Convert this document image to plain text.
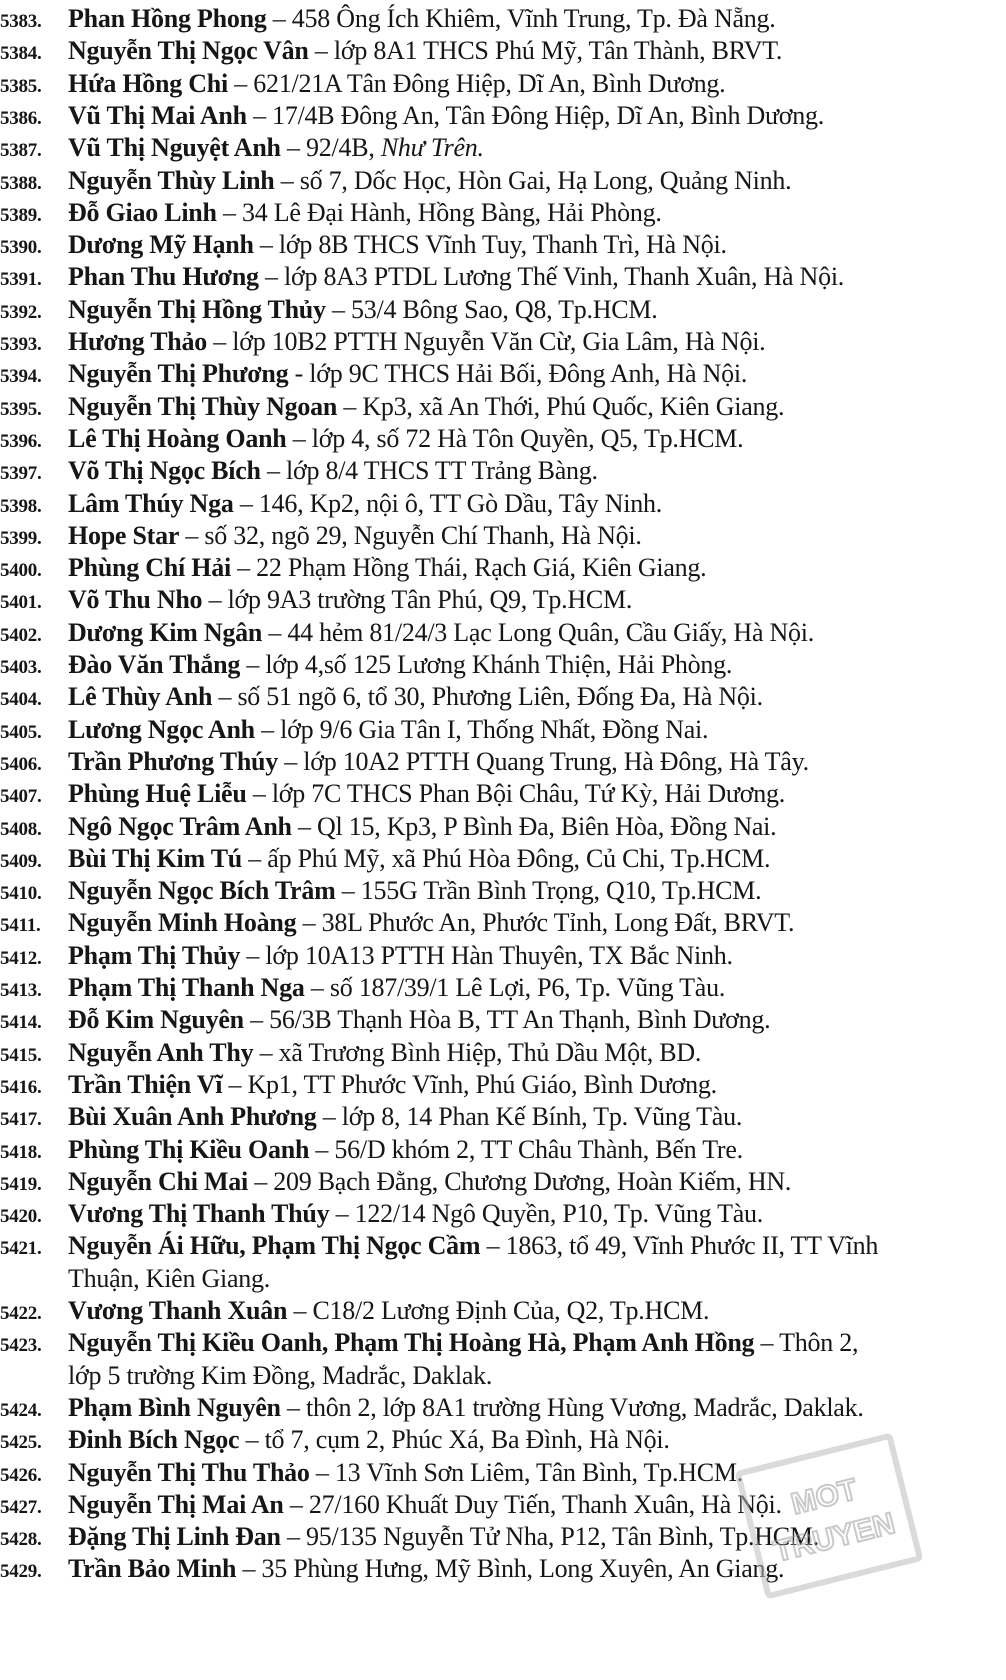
5383. Phan Hồng Phong – 458 Ông Ích Khiêm, Vĩnh Trung, Tp. Đà Nẵng.
5384. Nguyễn Thị Ngọc Vân – lớp 8A1 THCS Phú Mỹ, Tân Thành, BRVT.
5385. Hứa Hồng Chi – 621/21A Tân Đông Hiệp, Dĩ An, Bình Dương.
5386. Vũ Thị Mai Anh – 17/4B Đông An, Tân Đông Hiệp, Dĩ An, Bình Dương.
5387. Vũ Thị Nguyệt Anh – 92/4B, Như Trên.
5388. Nguyễn Thùy Linh – số 7, Dốc Học, Hòn Gai, Hạ Long, Quảng Ninh.
5389. Đỗ Giao Linh – 34 Lê Đại Hành, Hồng Bàng, Hải Phòng.
5390. Dương Mỹ Hạnh – lớp 8B THCS Vĩnh Tuy, Thanh Trì, Hà Nội.
5391. Phan Thu Hương – lớp 8A3 PTDL Lương Thế Vinh, Thanh Xuân, Hà Nội.
5392. Nguyễn Thị Hồng Thủy – 53/4 Bông Sao, Q8, Tp.HCM.
5393. Hương Thảo – lớp 10B2 PTTH Nguyễn Văn Cừ, Gia Lâm, Hà Nội.
5394. Nguyễn Thị Phương - lớp 9C THCS Hải Bối, Đông Anh, Hà Nội.
5395. Nguyễn Thị Thùy Ngoan – Kp3, xã An Thới, Phú Quốc, Kiên Giang.
5396. Lê Thị Hoàng Oanh – lớp 4, số 72 Hà Tôn Quyền, Q5, Tp.HCM.
5397. Võ Thị Ngọc Bích – lớp 8/4 THCS TT Trảng Bàng.
5398. Lâm Thúy Nga – 146, Kp2, nội ô, TT Gò Dầu, Tây Ninh.
5399. Hope Star – số 32, ngõ 29, Nguyễn Chí Thanh, Hà Nội.
5400. Phùng Chí Hải – 22 Phạm Hồng Thái, Rạch Giá, Kiên Giang.
5401. Võ Thu Nho – lớp 9A3 trường Tân Phú, Q9, Tp.HCM.
5402. Dương Kim Ngân – 44 hẻm 81/24/3 Lạc Long Quân, Cầu Giấy, Hà Nội.
5403. Đào Văn Thắng – lớp 4,số 125 Lương Khánh Thiện, Hải Phòng.
5404. Lê Thùy Anh – số 51 ngõ 6, tổ 30, Phương Liên, Đống Đa, Hà Nội.
5405. Lương Ngọc Anh – lớp 9/6 Gia Tân I, Thống Nhất, Đồng Nai.
5406. Trần Phương Thúy – lớp 10A2 PTTH Quang Trung, Hà Đông, Hà Tây.
5407. Phùng Huệ Liễu – lớp 7C THCS Phan Bội Châu, Tứ Kỳ, Hải Dương.
5408. Ngô Ngọc Trâm Anh – Ql 15, Kp3, P Bình Đa, Biên Hòa, Đồng Nai.
5409. Bùi Thị Kim Tú – ấp Phú Mỹ, xã Phú Hòa Đông, Củ Chi, Tp.HCM.
5410. Nguyễn Ngọc Bích Trâm – 155G Trần Bình Trọng, Q10, Tp.HCM.
5411. Nguyễn Minh Hoàng – 38L Phước An, Phước Tỉnh, Long Đất, BRVT.
5412. Phạm Thị Thủy – lớp 10A13 PTTH Hàn Thuyên, TX Bắc Ninh.
5413. Phạm Thị Thanh Nga – số 187/39/1 Lê Lợi, P6, Tp. Vũng Tàu.
5414. Đỗ Kim Nguyên – 56/3B Thạnh Hòa B, TT An Thạnh, Bình Dương.
5415. Nguyễn Anh Thy – xã Trương Bình Hiệp, Thủ Dầu Một, BD.
5416. Trần Thiện Vĩ – Kp1, TT Phước Vĩnh, Phú Giáo, Bình Dương.
5417. Bùi Xuân Anh Phương – lớp 8, 14 Phan Kế Bính, Tp. Vũng Tàu.
5418. Phùng Thị Kiều Oanh – 56/D khóm 2, TT Châu Thành, Bến Tre.
5419. Nguyễn Chi Mai – 209 Bạch Đằng, Chương Dương, Hoàn Kiếm, HN.
5420. Vương Thị Thanh Thúy – 122/14 Ngô Quyền, P10, Tp. Vũng Tàu.
5421. Nguyễn Ái Hữu, Phạm Thị Ngọc Cầm – 1863, tổ 49, Vĩnh Phước II, TT Vĩnh
Thuận, Kiên Giang.
5422. Vương Thanh Xuân – C18/2 Lương Định Của, Q2, Tp.HCM.
5423. Nguyễn Thị Kiều Oanh, Phạm Thị Hoàng Hà, Phạm Anh Hồng – Thôn 2,
lớp 5 trường Kim Đồng, Madrắc, Daklak.
5424. Phạm Bình Nguyên – thôn 2, lớp 8A1 trường Hùng Vương, Madrắc, Daklak.
5425. Đinh Bích Ngọc – tổ 7, cụm 2, Phúc Xá, Ba Đình, Hà Nội.
5426. Nguyễn Thị Thu Thảo – 13 Vĩnh Sơn Liêm, Tân Bình, Tp.HCM.
5427. Nguyễn Thị Mai An – 27/160 Khuất Duy Tiến, Thanh Xuân, Hà Nội.
5428. Đặng Thị Linh Đan – 95/135 Nguyễn Tử Nha, P12, Tân Bình, Tp.HCM.
5429. Trần Bảo Minh – 35 Phùng Hưng, Mỹ Bình, Long Xuyên, An Giang.
MOT
TRUYEN
